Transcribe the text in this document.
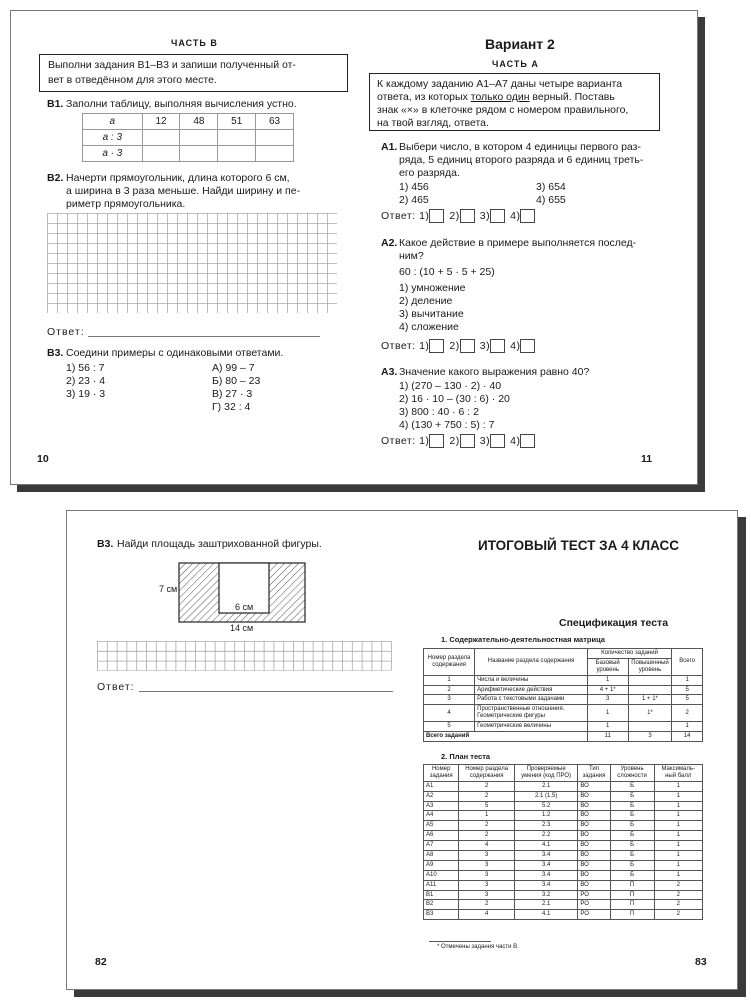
ЧАСТЬ В
Выполни задания В1–В3 и запиши полученный от-
вет в отведённом для этого месте.
В1. Заполни таблицу, выполняя вычисления устно.
a	12	48	51	63
a : 3				
a · 3				
В2. Начерти прямоугольник, длина которого 6 см,
а ширина в 3 раза меньше. Найди ширину и пе-
риметр прямоугольника.
Ответ:
В3. Соедини примеры с одинаковыми ответами.
1) 56 : 7
2) 23 · 4
3) 19 · 3
А) 99 – 7
Б) 80 – 23
В) 27 · 3
Г) 32 : 4
10
Вариант 2
ЧАСТЬ А
К каждому заданию А1–А7 даны четыре варианта
ответа, из которых только один верный. Поставь
знак «×» в клеточке рядом с номером правильного,
на твой взгляд, ответа.
А1. Выбери число, в котором 4 единицы первого раз-
ряда, 5 единиц второго разряда и 6 единиц треть-
его разряда.
1) 456
2) 465
3) 654
4) 655
Ответ: 1) 2) 3) 4)
А2. Какое действие в примере выполняется послед-
ним?
60 : (10 + 5 · 5 + 25)
1) умножение
2) деление
3) вычитание
4) сложение
Ответ: 1) 2) 3) 4)
А3. Значение какого выражения равно 40?
1) (270 – 130 · 2) · 40
2) 16 · 10 – (30 : 6) · 20
3) 800 : 40 · 6 : 2
4) (130 + 750 : 5) : 7
Ответ: 1) 2) 3) 4)
11
В3. Найди площадь заштрихованной фигуры.
7 см
6 см
14 см
Ответ:
82
ИТОГОВЫЙ ТЕСТ ЗА 4 КЛАСС
Спецификация теста
1. Содержательно-деятельностная матрица
Номер раздела содержания	Название раздела содержания	Количество заданий		Всего
		Базовый уровень	Повышенный уровень	
1	Числа и величины	1		1
2	Арифметические действия	4 + 1*		5
3	Работа с текстовыми задачами	3	1 + 1*	5
4	Пространственные отношения. Геометрические фигуры	1	1*	2
5	Геометрические величины	1		1
Всего заданий		11	3	14
2. План теста
Номер задания	Номер раздела содержания	Проверяемые умения (код ПРО)	Тип задания	Уровень сложности	Максималь-ный балл
А1	2	2.1	ВО	Б	1
А2	2	2.1 (1.5)	ВО	Б	1
А3	5	5.2	ВО	Б	1
А4	1	1.2	ВО	Б	1
А5	2	2.3	ВО	Б	1
А6	2	2.2	ВО	Б	1
А7	4	4.1	ВО	Б	1
А8	3	3.4	ВО	Б	1
А9	3	3.4	ВО	Б	1
А10	3	3.4	ВО	Б	1
А11	3	3.4	ВО	П	2
В1	3	3.2	РО	П	2
В2	2	2.1	РО	П	2
В3	4	4.1	РО	П	2
* Отмечены задания части В.
83
